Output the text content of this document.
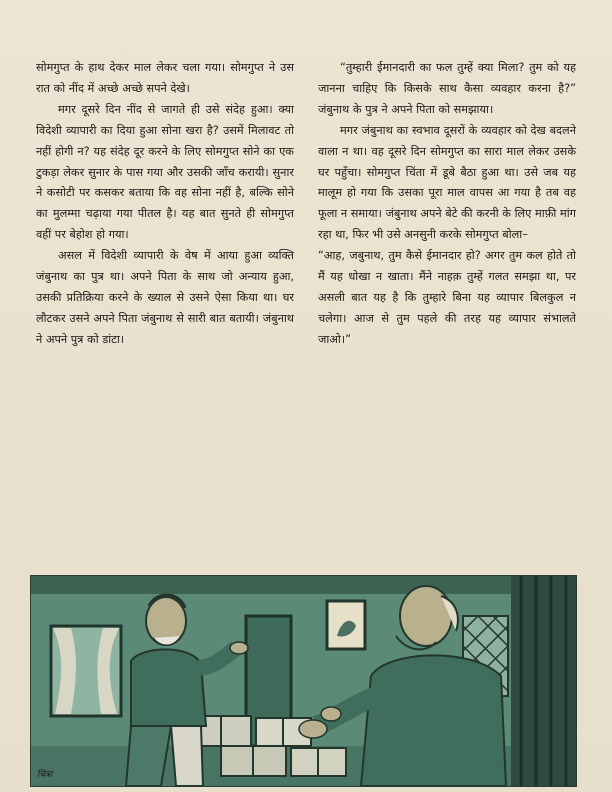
सोमगुप्त के हाथ देकर माल लेकर चला गया। सोमगुप्त ने उस रात को नींद में अच्छे अच्छे सपने देखे।

मगर दूसरे दिन नींद से जागते ही उसे संदेह हुआ। क्या विदेशी व्यापारी का दिया हुआ सोना खरा है? उसमें मिलावट तो नहीं होगी न? यह संदेह दूर करने के लिए सोमगुप्त सोने का एक टुकड़ा लेकर सुनार के पास गया और उसकी जाँच करायी। सुनार ने कसोटी पर कसकर बताया कि वह सोना नहीं है, बल्कि सोने का मुलम्मा चढ़ाया गया पीतल है। यह बात सुनते ही सोमगुप्त वहीं पर बेहोश हो गया।

असल में विदेशी व्यापारी के वेष में आया हुआ व्यक्ति जंबुनाथ का पुत्र था। अपने पिता के साथ जो अन्याय हुआ, उसकी प्रतिक्रिया करने के ख्याल से उसने ऐसा किया था। घर लौटकर उसने अपने पिता जंबुनाथ से सारी बात बतायी। जंबुनाथ ने अपने पुत्र को डांटा।

“तुम्हारी ईमानदारी का फल तुम्हें क्या मिला? तुम को यह जानना चाहिए कि किसके साथ कैसा व्यवहार करना है?” जंबुनाथ के पुत्र ने अपने पिता को समझाया।

मगर जंबुनाथ का स्वभाव दूसरों के व्यवहार को देख बदलने वाला न था। वह दूसरे दिन सोमगुप्त का सारा माल लेकर उसके घर पहुँचा। सोमगुप्त चिंता में डूबे बैठा हुआ था। उसे जब यह मालूम हो गया कि उसका पूरा माल वापस आ गया है तब वह फूला न समाया। जंबुनाथ अपने बेटे की करनी के लिए माफ़ी मांग रहा था, फिर भी उसे अनसुनी करके सोमगुप्त बोला–

“आह, जबुनाथ, तुम कैसे ईमानदार हो? अगर तुम कल होते तो मैं यह धोखा न खाता। मैंने नाहक़ तुम्हें गलत समझा था, पर असली बात यह है कि तुम्हारे बिना यह व्यापार बिलकुल न चलेगा। आज से तुम पहले की तरह यह व्यापार संभालते जाओ।”

चित्रा
